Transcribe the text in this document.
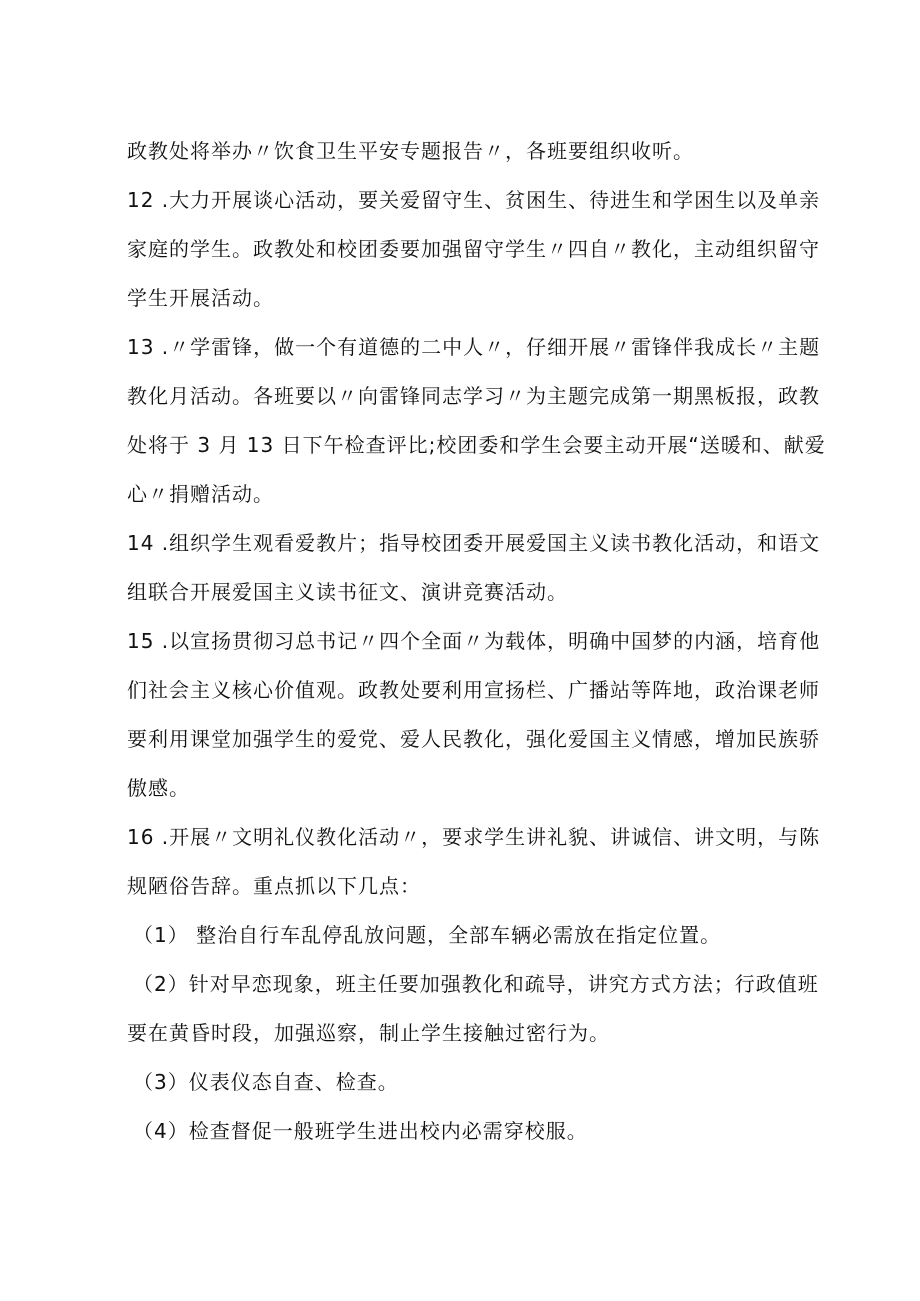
政教处将举办〃饮食卫生平安专题报告〃，各班要组织收听。
12 .大力开展谈心活动，要关爱留守生、贫困生、待进生和学困生以及单亲
家庭的学生。政教处和校团委要加强留守学生〃四自〃教化，主动组织留守
学生开展活动。
13 .〃学雷锋，做一个有道德的二中人〃，仔细开展〃雷锋伴我成长〃主题
教化月活动。各班要以〃向雷锋同志学习〃为主题完成第一期黑板报，政教
处将于 3 月 13 日下午检查评比;校团委和学生会要主动开展“送暖和、献爱
心〃捐赠活动。
14 .组织学生观看爱教片；指导校团委开展爱国主义读书教化活动，和语文
组联合开展爱国主义读书征文、演讲竞赛活动。
15 .以宣扬贯彻习总书记〃四个全面〃为载体，明确中国梦的内涵，培育他
们社会主义核心价值观。政教处要利用宣扬栏、广播站等阵地，政治课老师
要利用课堂加强学生的爱党、爱人民教化，强化爱国主义情感，增加民族骄
傲感。
16 .开展〃文明礼仪教化活动〃，要求学生讲礼貌、讲诚信、讲文明，与陈
规陋俗告辞。重点抓以下几点：
（1） 整治自行车乱停乱放问题，全部车辆必需放在指定位置。
（2）针对早恋现象，班主任要加强教化和疏导，讲究方式方法；行政值班
要在黄昏时段，加强巡察，制止学生接触过密行为。
（3）仪表仪态自查、检查。
（4）检查督促一般班学生进出校内必需穿校服。
